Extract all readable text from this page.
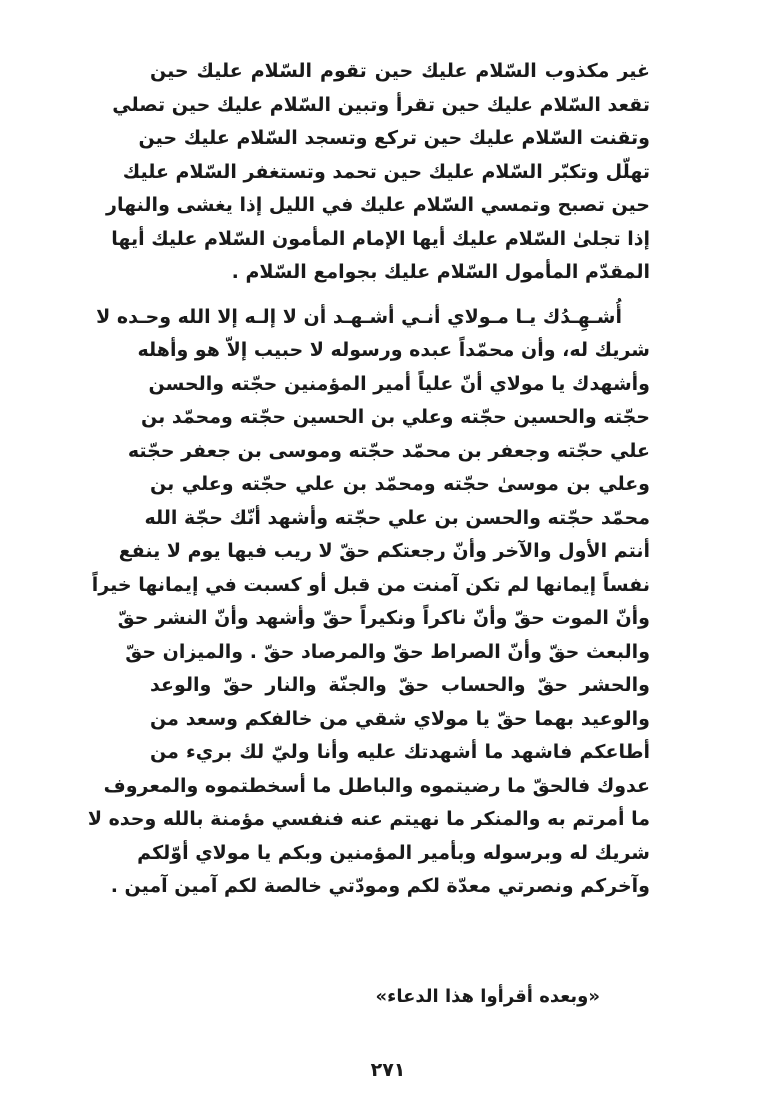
غير مكذوب السّلام عليك حين تقوم السّلام عليك حين
تقعد السّلام عليك حين تقرأ وتبين السّلام عليك حين تصلي
وتقنت السّلام عليك حين تركع وتسجد السّلام عليك حين
تهلّل وتكبّر السّلام عليك حين تحمد وتستغفر السّلام عليك
حين تصبح وتمسي السّلام عليك في الليل إذا يغشى والنهار
إذا تجلىٰ السّلام عليك أيها الإمام المأمون السّلام عليك أيها
المقدّم المأمول السّلام عليك بجوامع السّلام .
أُشـهِـدُك يـا مـولاي أنـي أشـهـد أن لا إلـه إلا الله وحـده لا
شريك له، وأن محمّداً عبده ورسوله لا حبيب إلاّ هو وأهله
وأشهدك يا مولاي أنّ علياً أمير المؤمنين حجّته والحسن
حجّته والحسين حجّته وعلي بن الحسين حجّته ومحمّد بن
علي حجّته وجعفر بن محمّد حجّته وموسى بن جعفر حجّته
وعلي بن موسىٰ حجّته ومحمّد بن علي حجّته وعلي بن
محمّد حجّته والحسن بن علي حجّته وأشهد أنّك حجّة الله
أنتم الأول والآخر وأنّ رجعتكم حقّ لا ريب فيها يوم لا ينفع
نفساً إيمانها لم تكن آمنت من قبل أو كسبت في إيمانها خيراً
وأنّ الموت حقّ وأنّ ناكراً ونكيراً حقّ وأشهد وأنّ النشر حقّ
والبعث حقّ وأنّ الصراط حقّ والمرصاد حقّ . والميزان حقّ
والحشر حقّ والحساب حقّ والجنّة والنار حقّ والوعد
والوعيد بهما حقّ يا مولاي شقي من خالفكم وسعد من
أطاعكم فاشهد ما أشهدتك عليه وأنا وليّ لك بريء من
عدوك فالحقّ ما رضيتموه والباطل ما أسخطتموه والمعروف
ما أمرتم به والمنكر ما نهيتم عنه فنفسي مؤمنة بالله وحده لا
شريك له وبرسوله وبأمير المؤمنين وبكم يا مولاي أوّلكم
وآخركم ونصرتي معدّة لكم ومودّتي خالصة لكم آمين آمين .
«وبعده أقرأوا هذا الدعاء»
٢٧١
